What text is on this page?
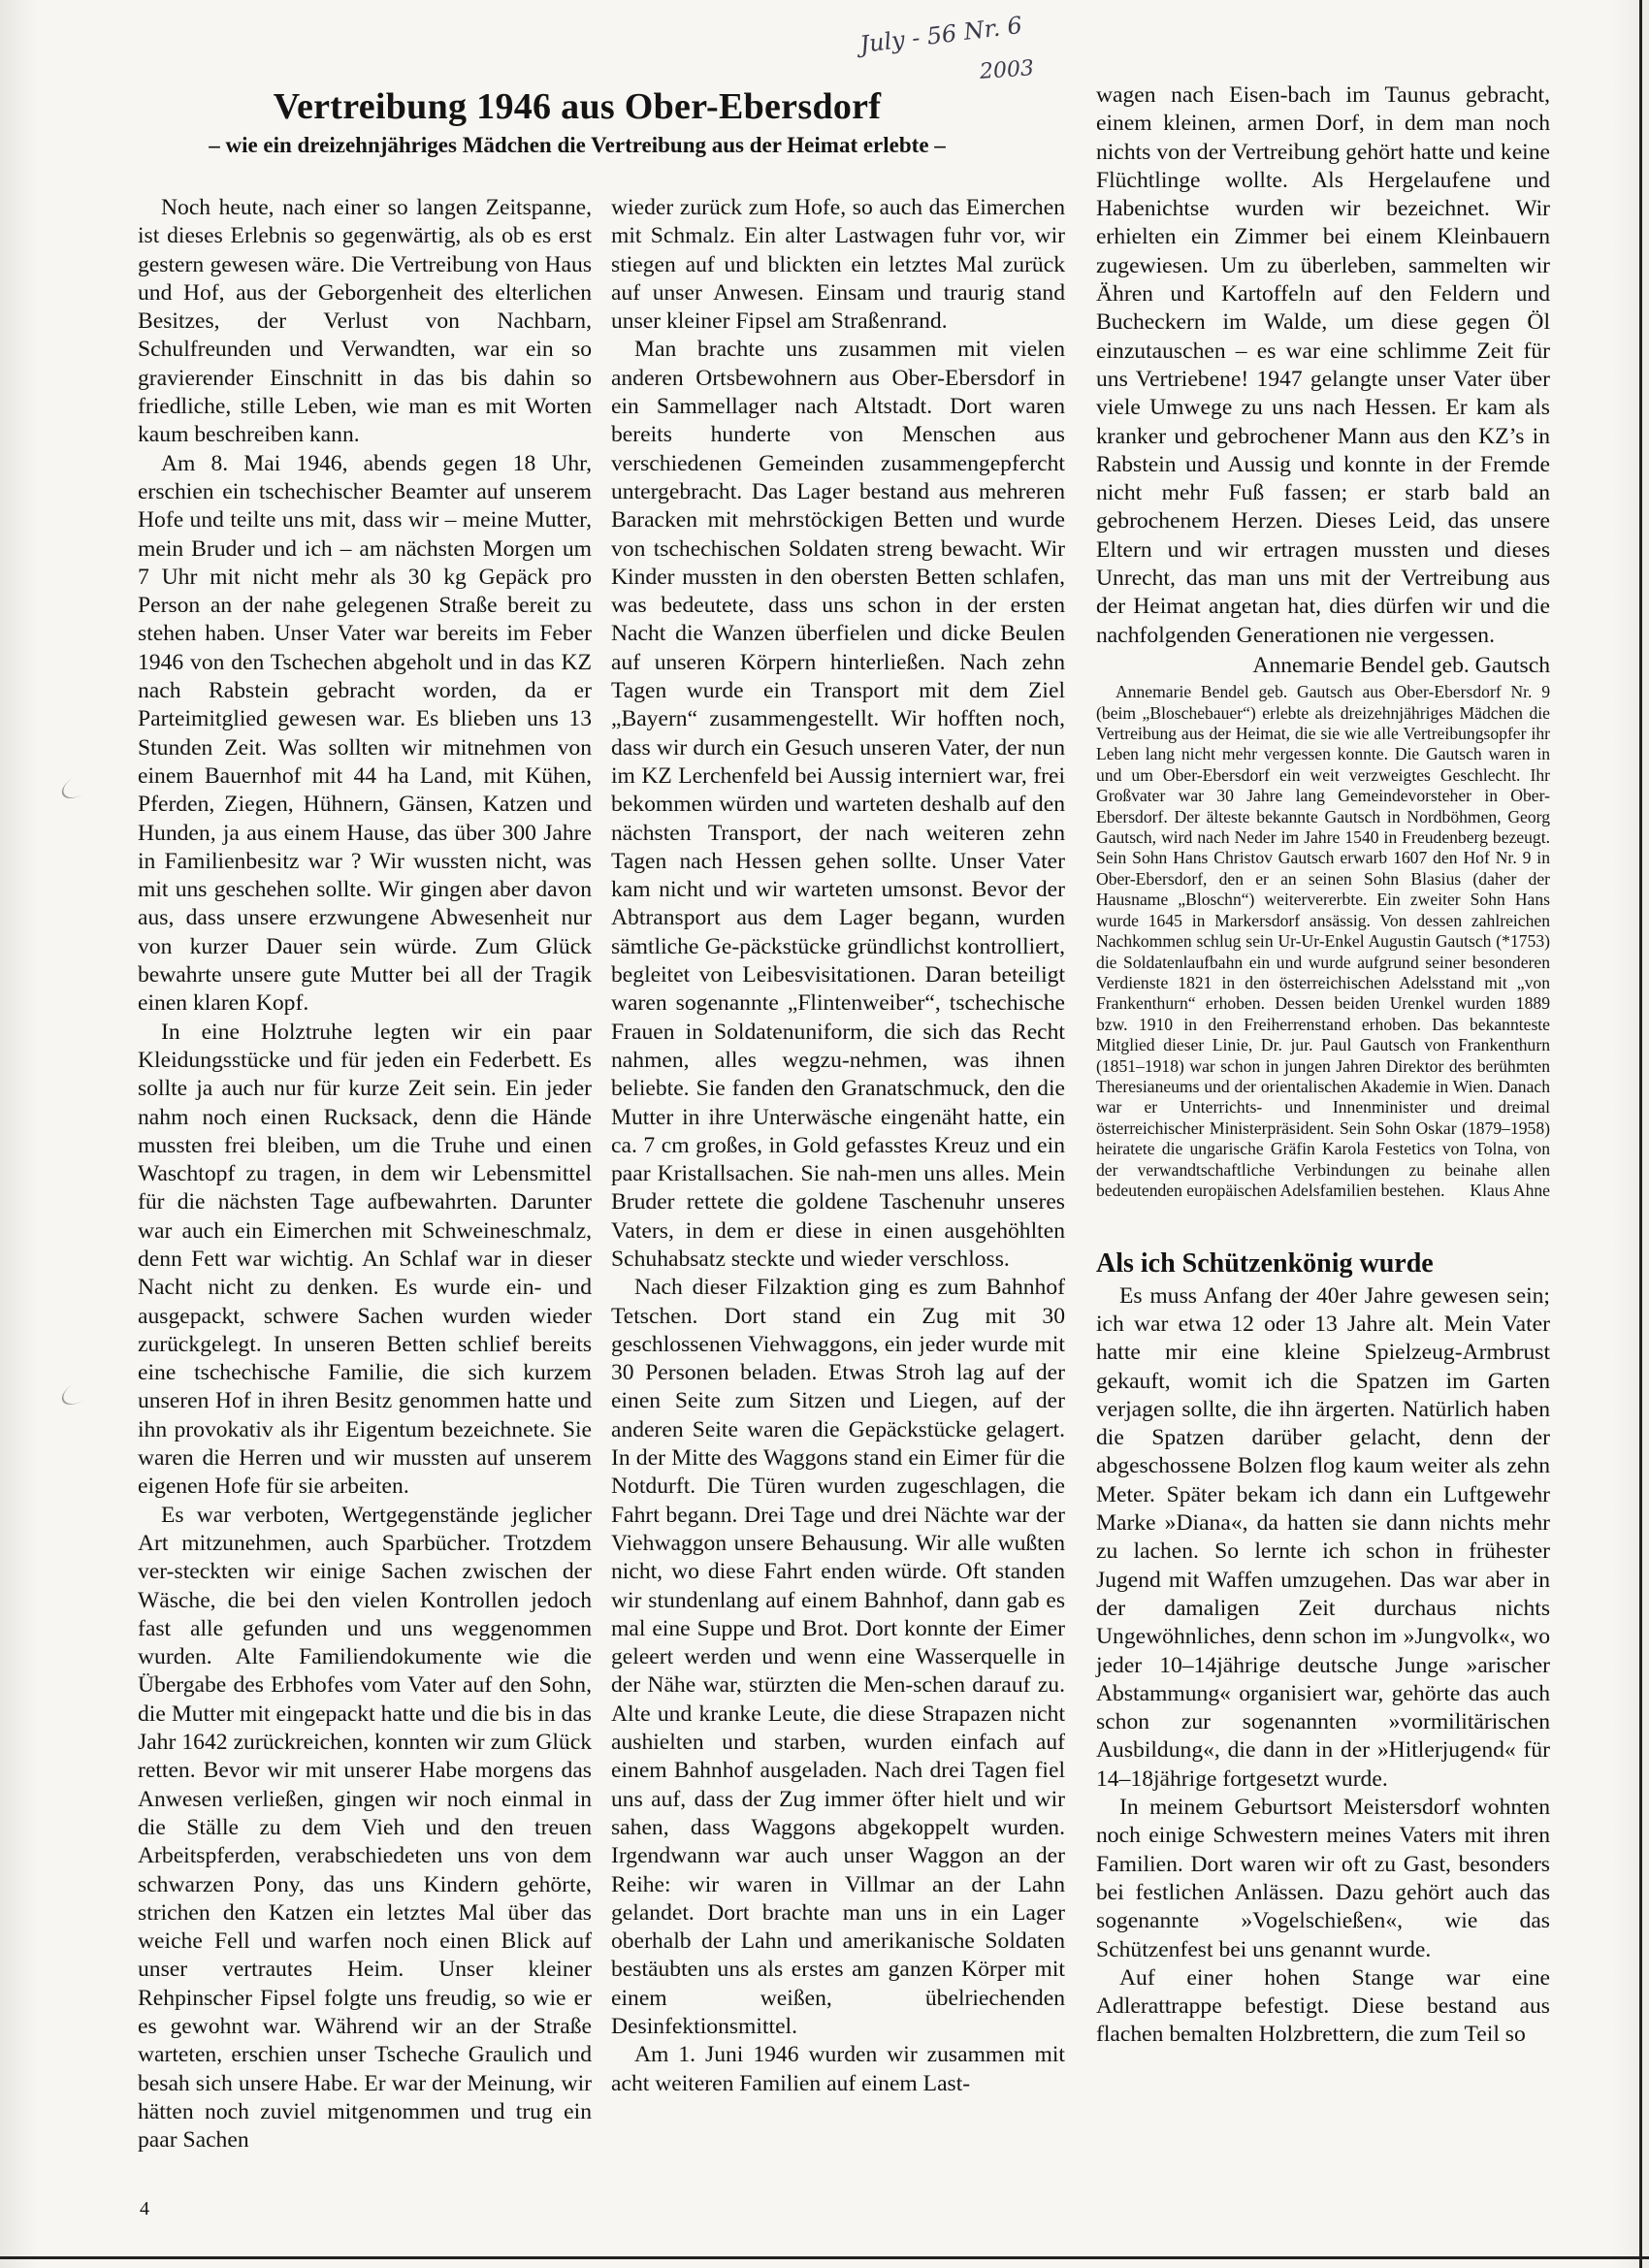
July - 56 Nr. 6
2003
Vertreibung 1946 aus Ober-Ebersdorf
– wie ein dreizehnjähriges Mädchen die Vertreibung aus der Heimat erlebte –

Noch heute, nach einer so langen Zeitspanne, ist dieses Erlebnis so gegenwärtig, als ob es erst gestern gewesen wäre. Die Vertreibung von Haus und Hof, aus der Geborgenheit des elterlichen Besitzes, der Verlust von Nachbarn, Schulfreunden und Verwandten, war ein so gravierender Einschnitt in das bis dahin so friedliche, stille Leben, wie man es mit Worten kaum beschreiben kann.

Am 8. Mai 1946, abends gegen 18 Uhr, erschien ein tschechischer Beamter auf unserem Hofe und teilte uns mit, dass wir – meine Mutter, mein Bruder und ich – am nächsten Morgen um 7 Uhr mit nicht mehr als 30 kg Gepäck pro Person an der nahe gelegenen Straße bereit zu stehen haben. Unser Vater war bereits im Feber 1946 von den Tschechen abgeholt und in das KZ nach Rabstein gebracht worden, da er Parteimitglied gewesen war. Es blieben uns 13 Stunden Zeit. Was sollten wir mitnehmen von einem Bauernhof mit 44 ha Land, mit Kühen, Pferden, Ziegen, Hühnern, Gänsen, Katzen und Hunden, ja aus einem Hause, das über 300 Jahre in Familienbesitz war ? Wir wussten nicht, was mit uns geschehen sollte. Wir gingen aber davon aus, dass unsere erzwungene Abwesenheit nur von kurzer Dauer sein würde. Zum Glück bewahrte unsere gute Mutter bei all der Tragik einen klaren Kopf.

In eine Holztruhe legten wir ein paar Kleidungsstücke und für jeden ein Federbett. Es sollte ja auch nur für kurze Zeit sein. Ein jeder nahm noch einen Rucksack, denn die Hände mussten frei bleiben, um die Truhe und einen Waschtopf zu tragen, in dem wir Lebensmittel für die nächsten Tage aufbewahrten. Darunter war auch ein Eimerchen mit Schweineschmalz, denn Fett war wichtig. An Schlaf war in dieser Nacht nicht zu denken. Es wurde ein- und ausgepackt, schwere Sachen wurden wieder zurückgelegt. In unseren Betten schlief bereits eine tschechische Familie, die sich kurzem unseren Hof in ihren Besitz genommen hatte und ihn provokativ als ihr Eigentum bezeichnete. Sie waren die Herren und wir mussten auf unserem eigenen Hofe für sie arbeiten.

Es war verboten, Wertgegenstände jeglicher Art mitzunehmen, auch Sparbücher. Trotzdem ver-steckten wir einige Sachen zwischen der Wäsche, die bei den vielen Kontrollen jedoch fast alle gefunden und uns weggenommen wurden. Alte Familiendokumente wie die Übergabe des Erbhofes vom Vater auf den Sohn, die Mutter mit eingepackt hatte und die bis in das Jahr 1642 zurückreichen, konnten wir zum Glück retten. Bevor wir mit unserer Habe morgens das Anwesen verließen, gingen wir noch einmal in die Ställe zu dem Vieh und den treuen Arbeitspferden, verabschiedeten uns von dem schwarzen Pony, das uns Kindern gehörte, strichen den Katzen ein letztes Mal über das weiche Fell und warfen noch einen Blick auf unser vertrautes Heim. Unser kleiner Rehpinscher Fipsel folgte uns freudig, so wie er es gewohnt war. Während wir an der Straße warteten, erschien unser Tscheche Graulich und besah sich unsere Habe. Er war der Meinung, wir hätten noch zuviel mitgenommen und trug ein paar Sachen

wieder zurück zum Hofe, so auch das Eimerchen mit Schmalz. Ein alter Lastwagen fuhr vor, wir stiegen auf und blickten ein letztes Mal zurück auf unser Anwesen. Einsam und traurig stand unser kleiner Fipsel am Straßenrand.

Man brachte uns zusammen mit vielen anderen Ortsbewohnern aus Ober-Ebersdorf in ein Sammellager nach Altstadt. Dort waren bereits hunderte von Menschen aus verschiedenen Gemeinden zusammengepfercht untergebracht. Das Lager bestand aus mehreren Baracken mit mehrstöckigen Betten und wurde von tschechischen Soldaten streng bewacht. Wir Kinder mussten in den obersten Betten schlafen, was bedeutete, dass uns schon in der ersten Nacht die Wanzen überfielen und dicke Beulen auf unseren Körpern hinterließen. Nach zehn Tagen wurde ein Transport mit dem Ziel „Bayern“ zusammengestellt. Wir hofften noch, dass wir durch ein Gesuch unseren Vater, der nun im KZ Lerchenfeld bei Aussig interniert war, frei bekommen würden und warteten deshalb auf den nächsten Transport, der nach weiteren zehn Tagen nach Hessen gehen sollte. Unser Vater kam nicht und wir warteten umsonst. Bevor der Abtransport aus dem Lager begann, wurden sämtliche Ge-päckstücke gründlichst kontrolliert, begleitet von Leibesvisitationen. Daran beteiligt waren sogenannte „Flintenweiber“, tschechische Frauen in Soldatenuniform, die sich das Recht nahmen, alles wegzu-nehmen, was ihnen beliebte. Sie fanden den Granatschmuck, den die Mutter in ihre Unterwäsche eingenäht hatte, ein ca. 7 cm großes, in Gold gefasstes Kreuz und ein paar Kristallsachen. Sie nah-men uns alles. Mein Bruder rettete die goldene Taschenuhr unseres Vaters, in dem er diese in einen ausgehöhlten Schuhabsatz steckte und wieder verschloss.

Nach dieser Filzaktion ging es zum Bahnhof Tetschen. Dort stand ein Zug mit 30 geschlossenen Viehwaggons, ein jeder wurde mit 30 Personen beladen. Etwas Stroh lag auf der einen Seite zum Sitzen und Liegen, auf der anderen Seite waren die Gepäckstücke gelagert. In der Mitte des Waggons stand ein Eimer für die Notdurft. Die Türen wurden zugeschlagen, die Fahrt begann. Drei Tage und drei Nächte war der Viehwaggon unsere Behausung. Wir alle wußten nicht, wo diese Fahrt enden würde. Oft standen wir stundenlang auf einem Bahnhof, dann gab es mal eine Suppe und Brot. Dort konnte der Eimer geleert werden und wenn eine Wasserquelle in der Nähe war, stürzten die Men-schen darauf zu. Alte und kranke Leute, die diese Strapazen nicht aushielten und starben, wurden einfach auf einem Bahnhof ausgeladen. Nach drei Tagen fiel uns auf, dass der Zug immer öfter hielt und wir sahen, dass Waggons abgekoppelt wurden. Irgendwann war auch unser Waggon an der Reihe: wir waren in Villmar an der Lahn gelandet. Dort brachte man uns in ein Lager oberhalb der Lahn und amerikanische Soldaten bestäubten uns als erstes am ganzen Körper mit einem weißen, übelriechenden Desinfektionsmittel.

Am 1. Juni 1946 wurden wir zusammen mit acht weiteren Familien auf einem Last-

wagen nach Eisen-bach im Taunus gebracht, einem kleinen, armen Dorf, in dem man noch nichts von der Vertreibung gehört hatte und keine Flüchtlinge wollte. Als Hergelaufene und Habenichtse wurden wir bezeichnet. Wir erhielten ein Zimmer bei einem Kleinbauern zugewiesen. Um zu überleben, sammelten wir Ähren und Kartoffeln auf den Feldern und Bucheckern im Walde, um diese gegen Öl einzutauschen – es war eine schlimme Zeit für uns Vertriebene! 1947 gelangte unser Vater über viele Umwege zu uns nach Hessen. Er kam als kranker und gebrochener Mann aus den KZ’s in Rabstein und Aussig und konnte in der Fremde nicht mehr Fuß fassen; er starb bald an gebrochenem Herzen. Dieses Leid, das unsere Eltern und wir ertragen mussten und dieses Unrecht, das man uns mit der Vertreibung aus der Heimat angetan hat, dies dürfen wir und die nachfolgenden Generationen nie vergessen.

Annemarie Bendel geb. Gautsch

Annemarie Bendel geb. Gautsch aus Ober-Ebersdorf Nr. 9 (beim „Bloschebauer“) erlebte als dreizehnjähriges Mädchen die Vertreibung aus der Heimat, die sie wie alle Vertreibungsopfer ihr Leben lang nicht mehr vergessen konnte. Die Gautsch waren in und um Ober-Ebersdorf ein weit verzweigtes Geschlecht. Ihr Großvater war 30 Jahre lang Gemeindevorsteher in Ober-Ebersdorf. Der älteste bekannte Gautsch in Nordböhmen, Georg Gautsch, wird nach Neder im Jahre 1540 in Freudenberg bezeugt. Sein Sohn Hans Christov Gautsch erwarb 1607 den Hof Nr. 9 in Ober-Ebersdorf, den er an seinen Sohn Blasius (daher der Hausname „Bloschn“) weitervererbte. Ein zweiter Sohn Hans wurde 1645 in Markersdorf ansässig. Von dessen zahlreichen Nachkommen schlug sein Ur-Ur-Enkel Augustin Gautsch (*1753) die Soldatenlaufbahn ein und wurde aufgrund seiner besonderen Verdienste 1821 in den österreichischen Adelsstand mit „von Frankenthurn“ erhoben. Dessen beiden Urenkel wurden 1889 bzw. 1910 in den Freiherrenstand erhoben. Das bekannteste Mitglied dieser Linie, Dr. jur. Paul Gautsch von Frankenthurn (1851–1918) war schon in jungen Jahren Direktor des berühmten Theresianeums und der orientalischen Akademie in Wien. Danach war er Unterrichts- und Innenminister und dreimal österreichischer Ministerpräsident. Sein Sohn Oskar (1879–1958) heiratete die ungarische Gräfin Karola Festetics von Tolna, von der verwandtschaftliche Verbindungen zu beinahe allen bedeutenden europäischen Adelsfamilien bestehen.	Klaus Ahne

Als ich Schützenkönig wurde

Es muss Anfang der 40er Jahre gewesen sein; ich war etwa 12 oder 13 Jahre alt. Mein Vater hatte mir eine kleine Spielzeug-Armbrust gekauft, womit ich die Spatzen im Garten verjagen sollte, die ihn ärgerten. Natürlich haben die Spatzen darüber gelacht, denn der abgeschossene Bolzen flog kaum weiter als zehn Meter. Später bekam ich dann ein Luftgewehr Marke »Diana«, da hatten sie dann nichts mehr zu lachen. So lernte ich schon in frühester Jugend mit Waffen umzugehen. Das war aber in der damaligen Zeit durchaus nichts Ungewöhnliches, denn schon im »Jungvolk«, wo jeder 10–14jährige deutsche Junge »arischer Abstammung« organisiert war, gehörte das auch schon zur sogenannten »vormilitärischen Ausbildung«, die dann in der »Hitlerjugend« für 14–18jährige fortgesetzt wurde.

In meinem Geburtsort Meistersdorf wohnten noch einige Schwestern meines Vaters mit ihren Familien. Dort waren wir oft zu Gast, besonders bei festlichen Anlässen. Dazu gehört auch das sogenannte »Vogelschießen«, wie das Schützenfest bei uns genannt wurde.

Auf einer hohen Stange war eine Adlerattrappe befestigt. Diese bestand aus flachen bemalten Holzbrettern, die zum Teil so

4
